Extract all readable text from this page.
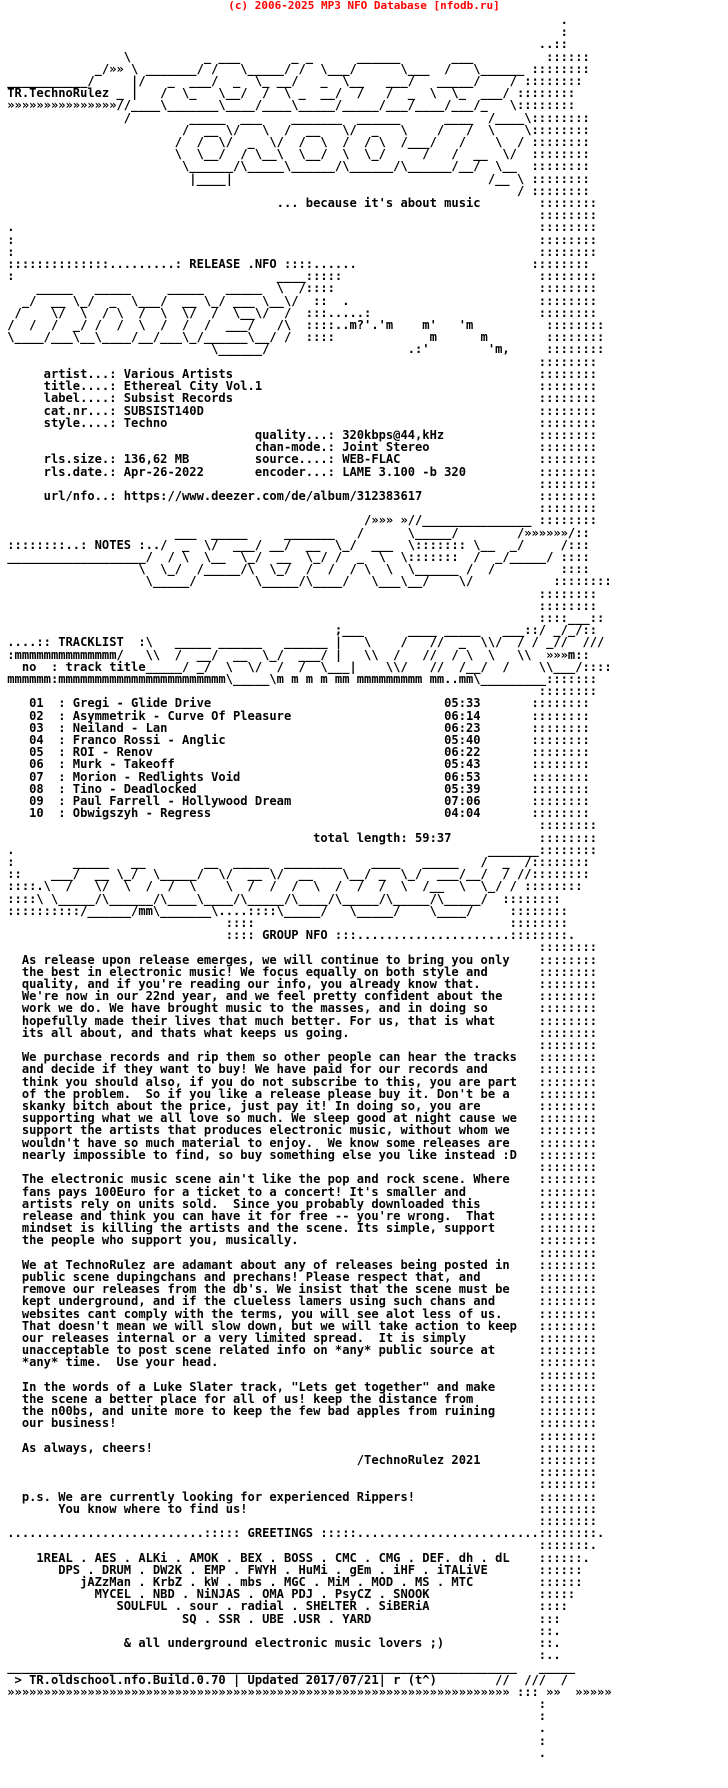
(c) 2006-2025 MP3 NFO Database [nfodb.ru]
.
:
..::
\          _ ___       _ _      ______       ___          ::::::
_/»» \ _______/ /   \_____/ /  \___/      \___  /   \______ ::::::::
___________/     |/   _  ___/  _  \_ __/   _  \__   ___/   _____/    / ::::::::
TR.TechnoRulez _ |   /  \_   \__/  /  \ _  __/  /   /  _  \  \_  ___/ ::::::::
»»»»»»»»»»»»»»»//____\_______\____/____\_____/_____/___/____/___/_   \::::::::
/        _____  ___    _______  ______      ____  /____\::::::::
/  __ \/   \  /  __   \/  _   \    /   /  \    \::::::::
/  /  \/  _  \/  /  \  /  / \  /___/   /    \  / ::::::::
\  \__/  / \__\  \__/  \  \_/     /   /  __  \/  ::::::::
\______/\_____\______/\______/\______/__/  \__  ::::::::
|____|                                   /__ \ ::::::::
/ ::::::::
... because it's about music        ::::::::
::::::::
.                                                                        ::::::::
:                                                                        ::::::::
:                                                                        ::::::::
::::::::::::::.........: RELEASE .NFO ::::......                        ::::::::
:                                    ____:::::                           ::::::::
_____   _____     _____   _____  \  /::::                            ::::::::
_/  __ \_/  _  \___/  __ \_/ ___ \__\/  ::  .                          ::::::::
/    \/  \  / \  /  \  \/  /  \__\/  /  :::.....:                       ::::::::
/  /  /  _/ /  /  \  /  /  /  ___/   /\  ::::..m?'.'m    m'   'm          ::::::::
\____/___\__\____/__/___\_/______\__/ /  ::::             m      m        ::::::::
\______/                   .:'        'm,     ::::::::
::::::::
artist...: Various Artists                                          ::::::::
title....: Ethereal City Vol.1                                      ::::::::
label....: Subsist Records                                          ::::::::
cat.nr...: SUBSIST140D                                              ::::::::
style....: Techno                                                   ::::::::
quality...: 320kbps@44,kHz             ::::::::
chan-mode.: Joint Stereo               ::::::::
rls.size.: 136,62 MB         source....: WEB-FLAC                   ::::::::
rls.date.: Apr-26-2022       encoder...: LAME 3.100 -b 320          ::::::::
::::::::
url/nfo..: https://www.deezer.com/de/album/312383617                ::::::::
::::::::
/»»» »//_______________ ::::::::
___  _____     _______   /      \_____/        /»»»»»»/::
::::::::..: NOTES :../  _  \/  ___/ __/  __  \_/  ___  \::::::: \__  _/     /:::
___________________/  / \  \__  \_/  __  \_/ /  _  \  \:::::::  /  _/_____/ ::::
\  \_/  /_____/\  \_/  /  /  / \  \  \______ /  /         ::::
\_____/        \_____/\____/   \___\__/    \/           ::::::::
::::::::
::::::::
::::___::
;___      ____ _____   ___::/ _/_/::
....:: TRACKLIST  :\   _____ ______   ______ |   \    /   //  _  \\/  / / _//  ///
:mmmmmmmmmmmmmm/   \\  /  __/  __  \_/  ___/ |   \\  /   //  / \  \   \\  »»»m::
no  : track title_____/ _/  \  \/  /  /  \___|    \\/   //  /__/  /    \\___/::::
mmmmmm:mmmmmmmmmmmmmmmmmmmmmmm\_____\m m m m mm mmmmmmmmm mm..mm\_________:::::::
::::::::
01  : Gregi - Glide Drive                                05:33       ::::::::
02  : Asymmetrik - Curve Of Pleasure                     06:14       ::::::::
03  : Neiland - Lan                                      06:23       ::::::::
04  : Franco Rossi - Anglic                              05:40       ::::::::
05  : ROI - Renov                                        06:22       ::::::::
06  : Murk - Takeoff                                     05:43       ::::::::
07  : Morion - Redlights Void                            06:53       ::::::::
08  : Tino - Deadlocked                                  05:39       ::::::::
09  : Paul Farrell - Hollywood Dream                     07:06       ::::::::
10  : Obwigszyh - Regress                                04:04       ::::::::
::::::::
total length: 59:37            ::::::::
.                                                                 _______::::::::
:        _____   __        __  _____  ________    ____   _____   /  _  /::::::::
::    ___/  __ \_/  \_____/  \/  __ \/  __    \__/ _  \_/  ___/__/  / //::::::::
::::.\  /   \/  \  /  /  \    \  /  /  /  \  /  /  /  \  /__  \  \_/ / ::::::::
::::\ \_____/\______/\____\____/\_____/\____/\_____/\_____/\_____/  ::::::::
::::::::::/______/mm\_______\....::::\_____/   \_____/    \____/     ::::::::
::::                                   ::::::::
:::: GROUP NFO :::.....................::::::::.
::::::::
As release upon release emerges, we will continue to bring you only    ::::::::
the best in electronic music! We focus equally on both style and       ::::::::
quality, and if you're reading our info, you already know that.        ::::::::
We're now in our 22nd year, and we feel pretty confident about the     ::::::::
work we do. We have brought music to the masses, and in doing so       ::::::::
hopefully made their lives that much better. For us, that is what      ::::::::
its all about, and thats what keeps us going.                          ::::::::
::::::::
We purchase records and rip them so other people can hear the tracks   ::::::::
and decide if they want to buy! We have paid for our records and       ::::::::
think you should also, if you do not subscribe to this, you are part   ::::::::
of the problem.  So if you like a release please buy it. Don't be a    ::::::::
skanky bitch about the price, just pay it! In doing so, you are        ::::::::
supporting what we all love so much. We sleep good at night cause we   ::::::::
support the artists that produces electronic music, without whom we    ::::::::
wouldn't have so much material to enjoy.  We know some releases are    ::::::::
nearly impossible to find, so buy something else you like instead :D   ::::::::
::::::::
The electronic music scene ain't like the pop and rock scene. Where    ::::::::
fans pays 100Euro for a ticket to a concert! It's smaller and          ::::::::
artists rely on units sold.  Since you probably downloaded this        ::::::::
release and think you can have it for free -- you're wrong.  That      ::::::::
mindset is killing the artists and the scene. Its simple, support      ::::::::
the people who support you, musically.                                 ::::::::
::::::::
We at TechnoRulez are adamant about any of releases being posted in    ::::::::
public scene dupingchans and prechans! Please respect that, and        ::::::::
remove our releases from the db's. We insist that the scene must be    ::::::::
kept underground, and if the clueless lamers using such chans and      ::::::::
websites cant comply with the terms, you will see alot less of us.     ::::::::
That doesn't mean we will slow down, but we will take action to keep   ::::::::
our releases internal or a very limited spread.  It is simply          ::::::::
unacceptable to post scene related info on *any* public source at      ::::::::
*any* time.  Use your head.                                            ::::::::
::::::::
In the words of a Luke Slater track, "Lets get together" and make      ::::::::
the scene a better place for all of us! keep the distance from         ::::::::
the n00bs, and unite more to keep the few bad apples from ruining      ::::::::
our business!                                                          ::::::::
::::::::
As always, cheers!                                                     ::::::::
/TechnoRulez 2021        ::::::::
::::::::
::::::::
p.s. We are currently looking for experienced Rippers!                 ::::::::
You know where to find us!                                        ::::::::
::::::::
...........................::::: GREETINGS :::::.........................::::::::.
:::::::.
1REAL . AES . ALKi . AMOK . BEX . BOSS . CMC . CMG . DEF. dh . dL    ::::::.
DPS . DRUM . DW2K . EMP . FWYH . HuMi . gEm . iHF . iTALiVE       ::::::
jAZzMan . KrbZ . kW . mbs . MGC . MiM . MOD . MS . MTC         ::::::
MYCEL . NBD . NiNJAS . OMA PDJ . PsyCZ . SNOOK               :::::
SOULFUL . sour . radial . SHELTER . SiBERiA               ::::
SQ . SSR . UBE .USR . YARD                       :::
::.
& all underground electronic music lovers ;)             ::.
:..
______________________________________________________________________   _____
> TR.oldschool.nfo.Build.0.70 | Updated 2017/07/21| r (t^)        //  ///  /
»»»»»»»»»»»»»»»»»»»»»»»»»»»»»»»»»»»»»»»»»»»»»»»»»»»»»»»»»»»»»»»»»»»»» ::: »»  »»»»»
:
:
.
:
.
